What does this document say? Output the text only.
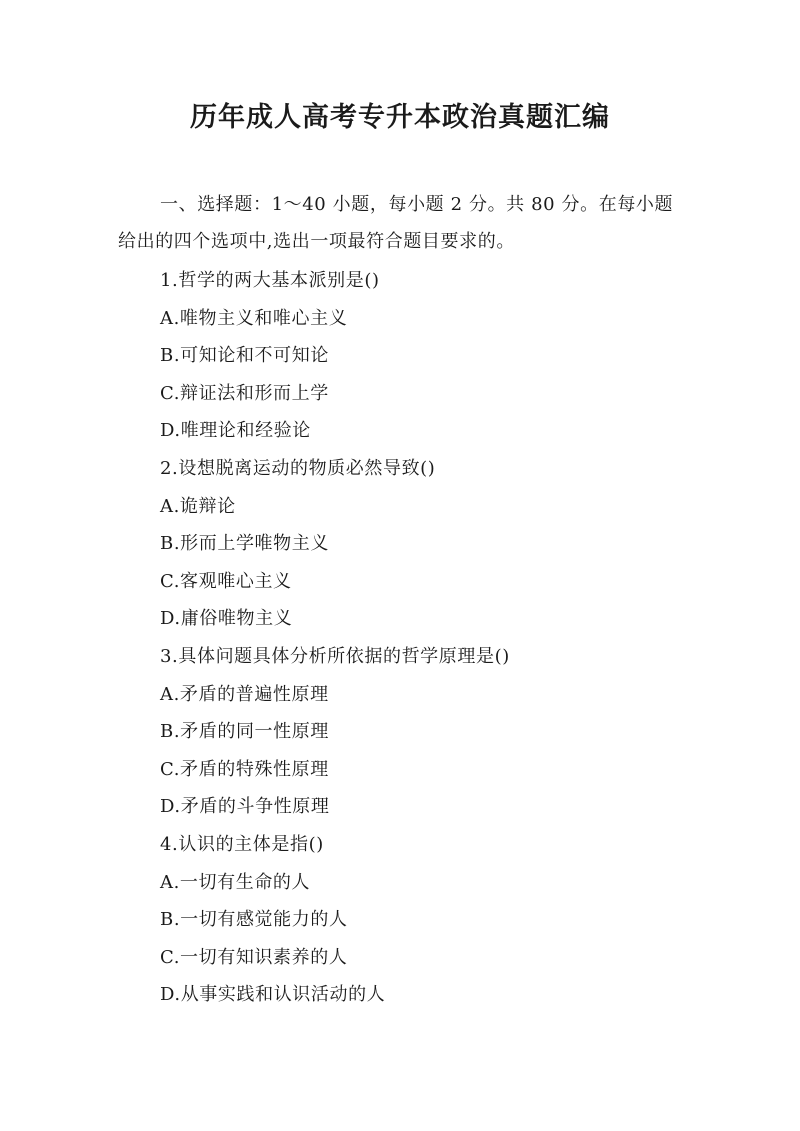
历年成人高考专升本政治真题汇编

一、选择题：1～40 小题，每小题 2 分。共 80 分。在每小题给出的四个选项中,选出一项最符合题目要求的。

1.哲学的两大基本派别是()
A.唯物主义和唯心主义
B.可知论和不可知论
C.辩证法和形而上学
D.唯理论和经验论
2.设想脱离运动的物质必然导致()
A.诡辩论
B.形而上学唯物主义
C.客观唯心主义
D.庸俗唯物主义
3.具体问题具体分析所依据的哲学原理是()
A.矛盾的普遍性原理
B.矛盾的同一性原理
C.矛盾的特殊性原理
D.矛盾的斗争性原理
4.认识的主体是指()
A.一切有生命的人
B.一切有感觉能力的人
C.一切有知识素养的人
D.从事实践和认识活动的人
